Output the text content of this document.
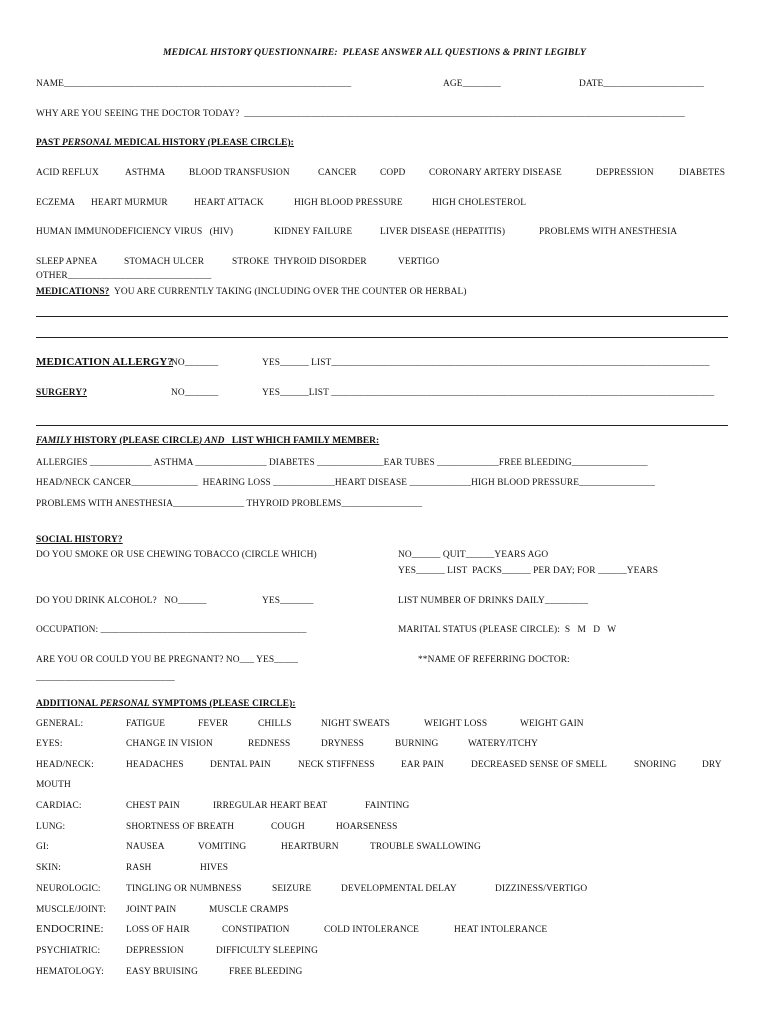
MEDICAL HISTORY QUESTIONNAIRE:  PLEASE ANSWER ALL QUESTIONS & PRINT LEGIBLY
NAME____________________________________________________________	AGE________	DATE_____________________
WHY ARE YOU SEEING THE DOCTOR TODAY?  ____________________________________________________________________________________________
PAST PERSONAL MEDICAL HISTORY (PLEASE CIRCLE):
ACID REFLUX	ASTHMA	BLOOD TRANSFUSION	CANCER COPD	CORONARY ARTERY DISEASE	DEPRESSION	DIABETES
ECZEMA HEART MURMUR	HEART ATTACK	HIGH BLOOD PRESSURE	HIGH CHOLESTEROL
HUMAN IMMUNODEFICIENCY VIRUS   (HIV)	KIDNEY FAILURE	LIVER DISEASE (HEPATITIS)	PROBLEMS WITH ANESTHESIA
SLEEP APNEA	STOMACH ULCER	STROKE  THYROID DISORDER	VERTIGO
OTHER______________________________
MEDICATIONS?  YOU ARE CURRENTLY TAKING (INCLUDING OVER THE COUNTER OR HERBAL)
MEDICATION ALLERGY?
NO_______	YES______ LIST_______________________________________________________________________________
SURGERY?	NO_______	YES______LIST ________________________________________________________________________________
FAMILY HISTORY (PLEASE CIRCLE) AND   LIST WHICH FAMILY MEMBER:
ALLERGIES _____________ ASTHMA _______________ DIABETES ______________EAR TUBES _____________FREE BLEEDING________________
HEAD/NECK CANCER______________  HEARING LOSS _____________HEART DISEASE _____________HIGH BLOOD PRESSURE________________
PROBLEMS WITH ANESTHESIA_______________ THYROID PROBLEMS_________________
SOCIAL HISTORY?
DO YOU SMOKE OR USE CHEWING TOBACCO (CIRCLE WHICH)	NO______ QUIT______YEARS AGO
YES______ LIST  PACKS______ PER DAY; FOR ______YEARS
DO YOU DRINK ALCOHOL?   NO______	YES_______	LIST NUMBER OF DRINKS DAILY_________
OCCUPATION: ___________________________________________	MARITAL STATUS (PLEASE CIRCLE):  S   M   D   W
ARE YOU OR COULD YOU BE PREGNANT? NO___ YES_____	**NAME OF REFERRING DOCTOR:
_____________________________
ADDITIONAL PERSONAL SYMPTOMS (PLEASE CIRCLE):
GENERAL:	FATIGUE	FEVER	CHILLS	NIGHT SWEATS	WEIGHT LOSS	WEIGHT GAIN
EYES:	CHANGE IN VISION	REDNESS	DRYNESS	BURNING	WATERY/ITCHY
HEAD/NECK:	HEADACHES	DENTAL PAIN	NECK STIFFNESS	EAR PAIN	DECREASED SENSE OF SMELL	SNORING	DRY
MOUTH
CARDIAC:	CHEST PAIN	IRREGULAR HEART BEAT	FAINTING
LUNG:	SHORTNESS OF BREATH	COUGH	HOARSENESS
GI:	NAUSEA	VOMITING	HEARTBURN	TROUBLE SWALLOWING
SKIN:	RASH	HIVES
NEUROLOGIC:	TINGLING OR NUMBNESS	SEIZURE	DEVELOPMENTAL DELAY	DIZZINESS/VERTIGO
MUSCLE/JOINT: JOINT PAIN	MUSCLE CRAMPS
ENDOCRINE: LOSS OF HAIR	CONSTIPATION	COLD INTOLERANCE	HEAT INTOLERANCE
PSYCHIATRIC:	DEPRESSION	DIFFICULTY SLEEPING
HEMATOLOGY: EASY BRUISING	FREE BLEEDING
